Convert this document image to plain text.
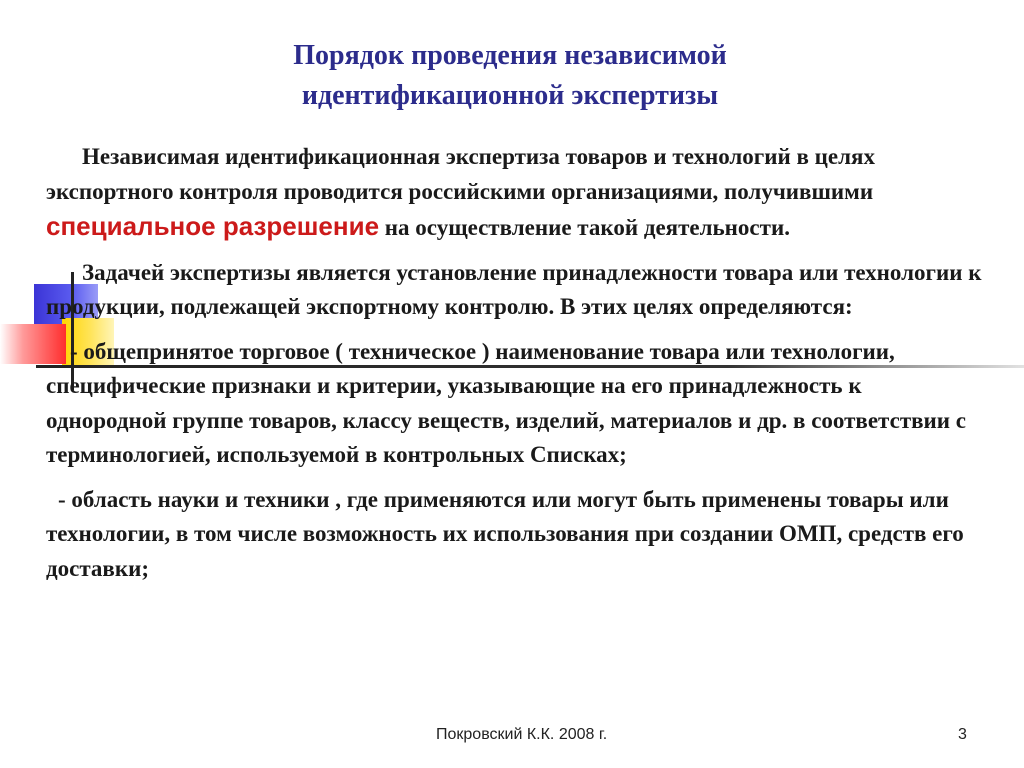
Порядок проведения независимой
идентификационной экспертизы

Независимая идентификационная экспертиза товаров и технологий в целях экспортного контроля проводится российскими организациями, получившими специальное разрешение на осуществление такой деятельности.

Задачей экспертизы является установление принадлежности товара или технологии к продукции, подлежащей экспортному контролю. В этих целях определяются:

- общепринятое торговое ( техническое ) наименование товара или технологии, специфические признаки и критерии, указывающие на его принадлежность к однородной группе товаров, классу веществ, изделий, материалов и др. в соответствии с терминологией, используемой в контрольных Списках;

- область науки и техники , где применяются или могут быть применены товары или технологии, в том числе возможность их использования при создании ОМП, средств его доставки;

Покровский К.К. 2008 г.	3
